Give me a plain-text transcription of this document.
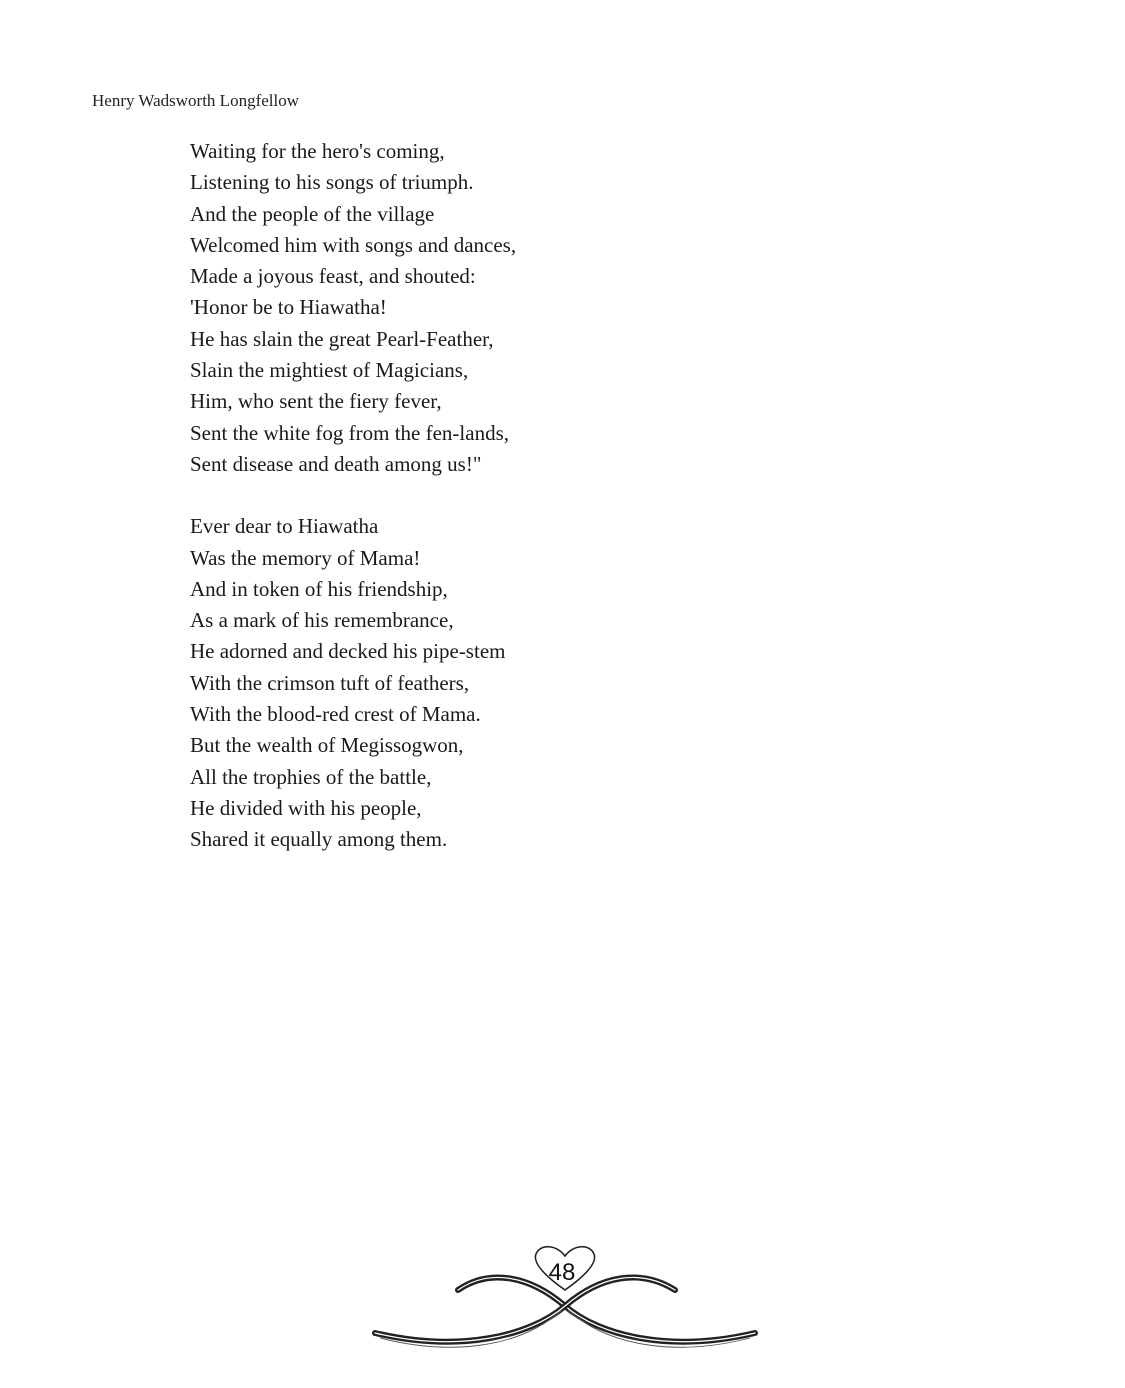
Henry Wadsworth Longfellow
Waiting for the hero's coming,
Listening to his songs of triumph.
And the people of the village
Welcomed him with songs and dances,
Made a joyous feast, and shouted:
'Honor be to Hiawatha!
He has slain the great Pearl-Feather,
Slain the mightiest of Magicians,
Him, who sent the fiery fever,
Sent the white fog from the fen-lands,
Sent disease and death among us!"
Ever dear to Hiawatha
Was the memory of Mama!
And in token of his friendship,
As a mark of his remembrance,
He adorned and decked his pipe-stem
With the crimson tuft of feathers,
With the blood-red crest of Mama.
But the wealth of Megissogwon,
All the trophies of the battle,
He divided with his people,
Shared it equally among them.
48
